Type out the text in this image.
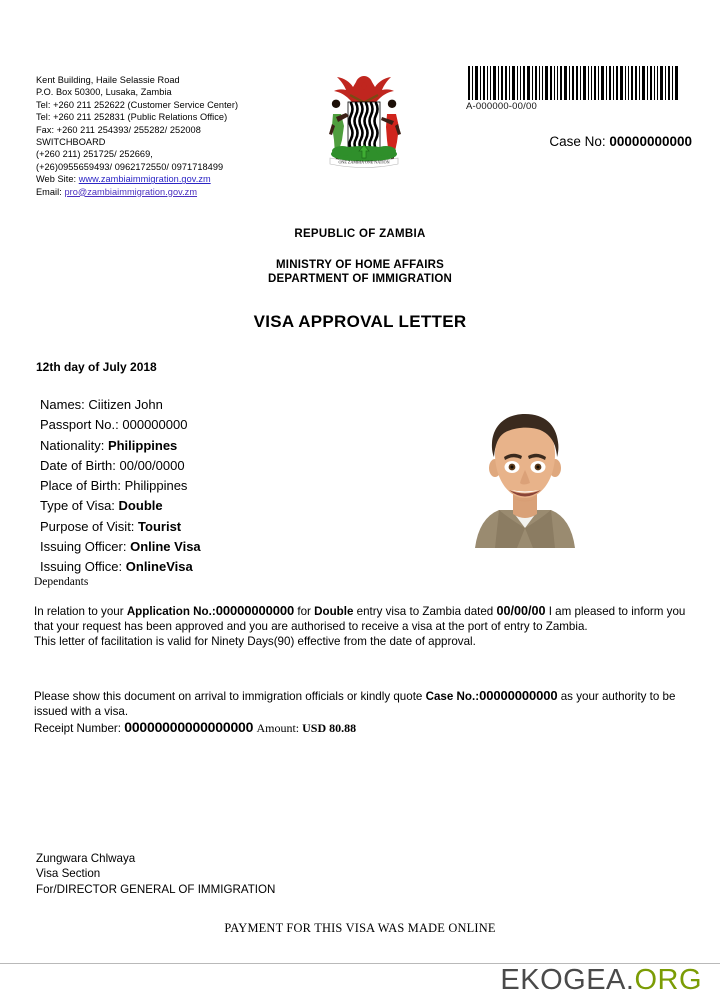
Kent Building, Haile Selassie Road
P.O. Box 50300, Lusaka, Zambia
Tel: +260 211 252622 (Customer Service Center)
Tel: +260 211 252831 (Public Relations Office)
Fax: +260 211 254393/ 255282/ 252008
SWITCHBOARD
(+260 211) 251725/ 252669,
(+26)0955659493/ 0962172550/ 0971718499
Web Site: www.zambiaimmigration.gov.zm
Email: pro@zambiaimmigration.gov.zm
ONE ZAMBIA ONE NATION
A-000000-00/00
Case No: 00000000000
REPUBLIC OF ZAMBIA
MINISTRY OF HOME AFFAIRS
DEPARTMENT OF IMMIGRATION
VISA APPROVAL LETTER
12th day of July 2018
Names: Ciitizen John
Passport No.: 000000000
Nationality: Philippines
Date of Birth: 00/00/0000
Place of Birth: Philippines
Type of Visa: Double
Purpose of Visit: Tourist
Issuing Officer: Online Visa
Issuing Office: OnlineVisa
Dependants

In relation to your Application No.:00000000000 for Double entry visa to Zambia dated 00/00/00 I am pleased to inform you that your request has been approved and you are authorised to receive a visa at the port of entry to Zambia.

This letter of facilitation is valid for Ninety Days(90) effective from the date of approval.

Please show this document on arrival to immigration officials or kindly quote Case No.:00000000000 as your authority to be issued with a visa.

Receipt Number: 00000000000000000 Amount: USD 80.88
Zungwara Chlwaya
Visa Section
For/DIRECTOR GENERAL OF IMMIGRATION
PAYMENT FOR THIS VISA WAS MADE ONLINE
EKOGEA.ORG
